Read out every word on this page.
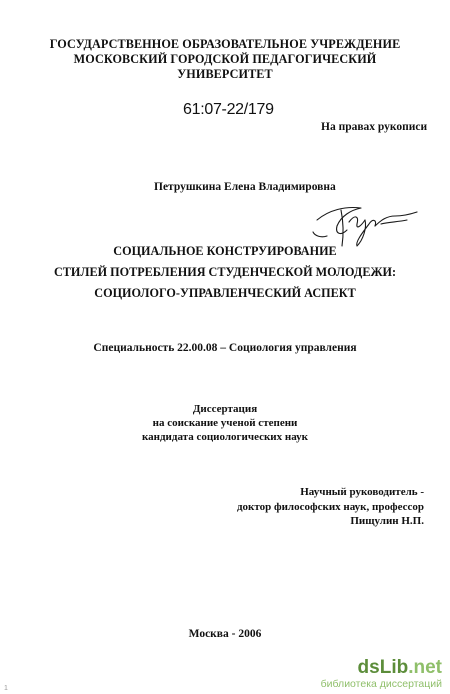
ГОСУДАРСТВЕННОЕ ОБРАЗОВАТЕЛЬНОЕ УЧРЕЖДЕНИЕ
МОСКОВСКИЙ ГОРОДСКОЙ ПЕДАГОГИЧЕСКИЙ
УНИВЕРСИТЕТ
61:07-22/179
На правах рукописи
Петрушкина Елена Владимировна
СОЦИАЛЬНОЕ КОНСТРУИРОВАНИЕ
СТИЛЕЙ ПОТРЕБЛЕНИЯ СТУДЕНЧЕСКОЙ МОЛОДЕЖИ:
СОЦИОЛОГО-УПРАВЛЕНЧЕСКИЙ АСПЕКТ
Специальность 22.00.08 – Социология управления
Диссертация
на соискание ученой степени
кандидата социологических наук
Научный руководитель -
доктор философских наук, профессор
Пищулин Н.П.
Москва - 2006
dsLib.net
библиотека диссертаций
1
